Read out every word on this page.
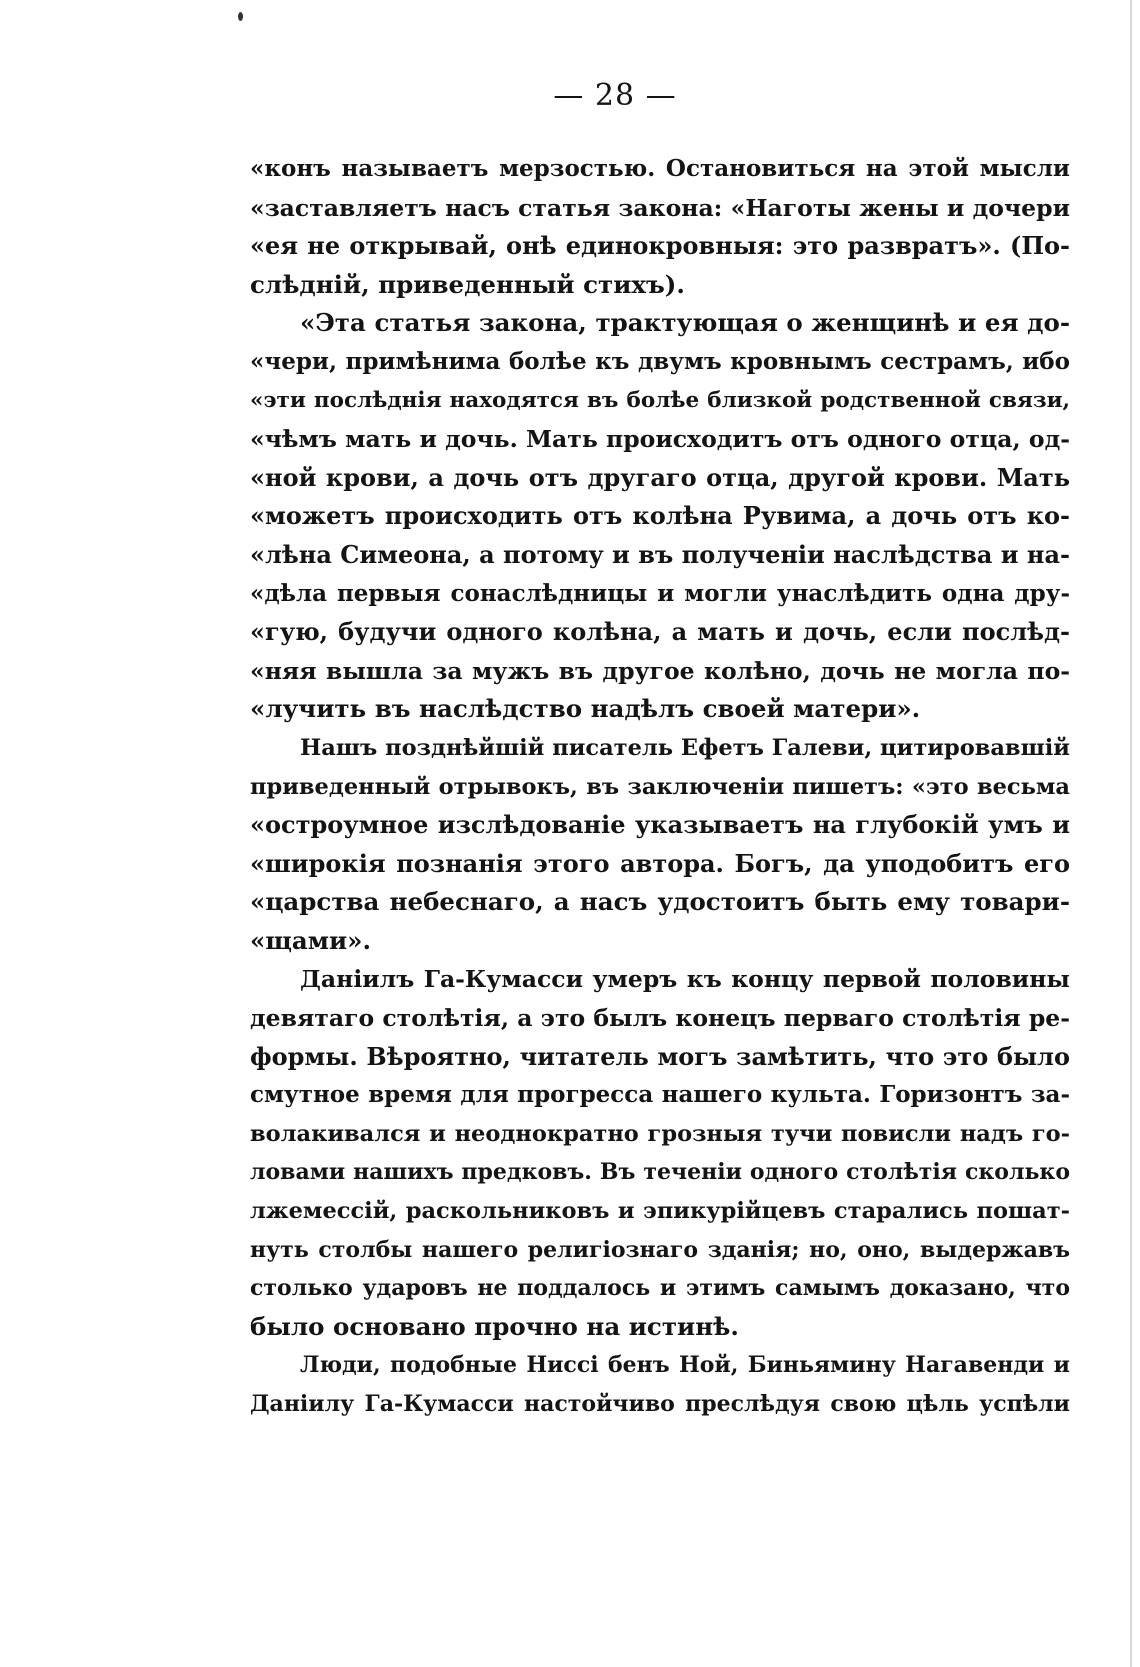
— 28 —
«конъ называетъ мерзостью. Остановиться на этой мысли
«заставляетъ насъ статья закона: «Наготы жены и дочери
«ея не открывай, онѣ единокровныя: это развратъ». (По-
слѣдній, приведенный стихъ).
«Эта статья закона, трактующая о женщинѣ и ея до-
«чери, примѣнима болѣе къ двумъ кровнымъ сестрамъ, ибо
«эти послѣднія находятся въ болѣе близкой родственной связи,
«чѣмъ мать и дочь. Мать происходитъ отъ одного отца, од-
«ной крови, а дочь отъ другаго отца, другой крови. Мать
«можетъ происходить отъ колѣна Рувима, а дочь отъ ко-
«лѣна Симеона, а потому и въ полученіи наслѣдства и на-
«дѣла первыя сонаслѣдницы и могли унаслѣдить одна дру-
«гую, будучи одного колѣна, а мать и дочь, если послѣд-
«няя вышла за мужъ въ другое колѣно, дочь не могла по-
«лучить въ наслѣдство надѣлъ своей матери».
Нашъ позднѣйшій писатель Ефетъ Галеви, цитировавшій
приведенный отрывокъ, въ заключеніи пишетъ: «это весьма
«остроумное изслѣдованіе указываетъ на глубокій умъ и
«широкія познанія этого автора. Богъ, да уподобитъ его
«царства небеснаго, а насъ удостоитъ быть ему товари-
«щами».
Даніилъ Га-Кумасси умеръ къ концу первой половины
девятаго столѣтія, а это былъ конецъ перваго столѣтія ре-
формы. Вѣроятно, читатель могъ замѣтить, что это было
смутное время для прогресса нашего культа. Горизонтъ за-
волакивался и неоднократно грозныя тучи повисли надъ го-
ловами нашихъ предковъ. Въ теченіи одного столѣтія сколько
лжемессій, раскольниковъ и эпикурійцевъ старались пошат-
нуть столбы нашего религіознаго зданія; но, оно, выдержавъ
столько ударовъ не поддалось и этимъ самымъ доказано, что
было основано прочно на истинѣ.
Люди, подобные Ниссі бенъ Ной, Биньямину Нагавенди и
Даніилу Га-Кумасси настойчиво преслѣдуя свою цѣль успѣли
